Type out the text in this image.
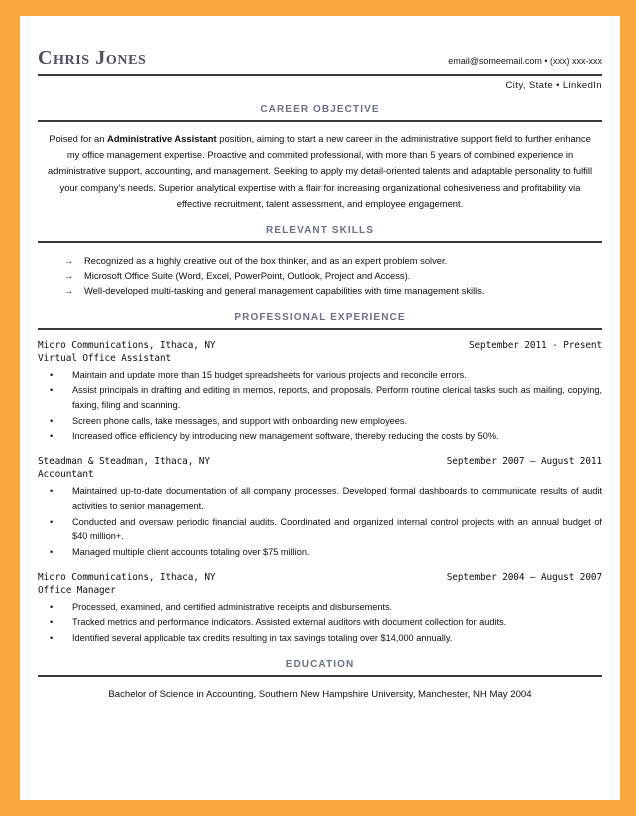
Chris Jones	email@someemail.com • (xxx) xxx-xxx
City, State • LinkedIn
CAREER OBJECTIVE
Poised for an Administrative Assistant position, aiming to start a new career in the administrative support field to further enhance my office management expertise. Proactive and commited professional, with more than 5 years of combined experience in administrative support, accounting, and management. Seeking to apply my detail-oriented talents and adaptable personality to fulfill your company’s needs. Superior analytical expertise with a flair for increasing organizational cohesiveness and profitability via effective recruitment, talent assessment, and employee engagement.
RELEVANT SKILLS
→	Recognized as a highly creative out of the box thinker, and as an expert problem solver.
→	Microsoft Office Suite (Word, Excel, PowerPoint, Outlook, Project and Access).
→	Well-developed multi-tasking and general management capabilities with time management skills.
PROFESSIONAL EXPERIENCE
Micro Communications, Ithaca, NY	September 2011 - Present
Virtual Office Assistant
•	Maintain and update more than 15 budget spreadsheets for various projects and reconcile errors.
•	Assist principals in drafting and editing in memos, reports, and proposals. Perform routine clerical tasks such as mailing, copying, faxing, filing and scanning.
•	Screen phone calls, take messages, and support with onboarding new employees.
•	Increased office efficiency by introducing new management software, thereby reducing the costs by 50%.
Steadman & Steadman, Ithaca, NY	September 2007 – August 2011
Accountant
•	Maintained up-to-date documentation of all company processes. Developed formal dashboards to communicate results of audit activities to senior management.
•	Conducted and oversaw periodic financial audits. Coordinated and organized internal control projects with an annual budget of $40 million+.
•	Managed multiple client accounts totaling over $75 million.
Micro Communications, Ithaca, NY	September 2004 – August 2007
Office Manager
•	Processed, examined, and certified administrative receipts and disbursements.
•	Tracked metrics and performance indicators. Assisted external auditors with document collection for audits.
•	Identified several applicable tax credits resulting in tax savings totaling over $14,000 annually.
EDUCATION
Bachelor of Science in Accounting, Southern New Hampshire University, Manchester, NH May 2004
